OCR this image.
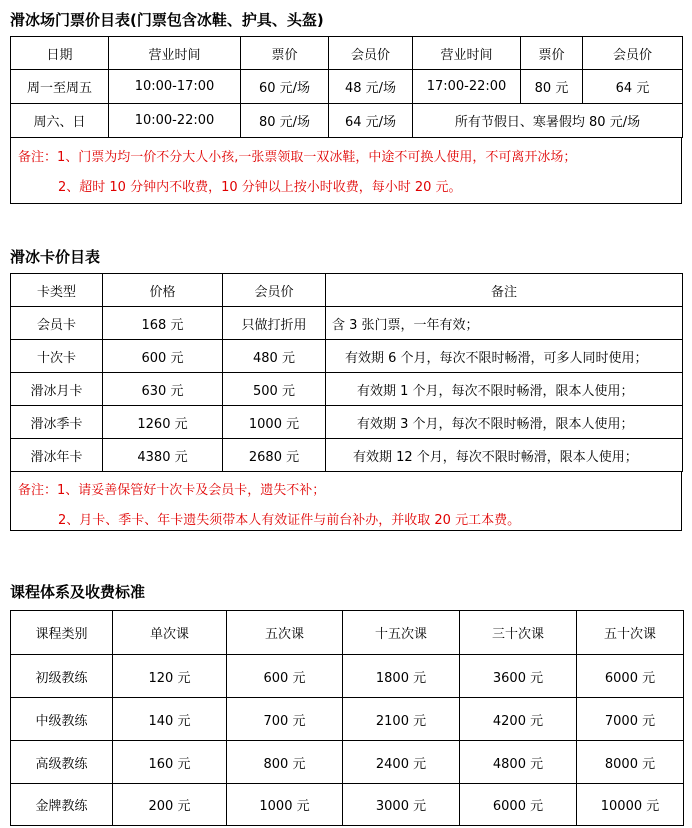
滑冰场门票价目表(门票包含冰鞋、护具、头盔)
日期	营业时间	票价	会员价	营业时间	票价	会员价
周一至周五	10:00-17:00	60 元/场	48 元/场	17:00-22:00	80 元	64 元
周六、日	10:00-22:00	80 元/场	64 元/场	所有节假日、寒暑假均 80 元/场		
备注：1、门票为均一价不分大人小孩,一张票领取一双冰鞋，中途不可换人使用，不可离开冰场；
2、超时 10 分钟内不收费，10 分钟以上按小时收费，每小时 20 元。
滑冰卡价目表
卡类型	价格	会员价	备注
会员卡	168 元	只做打折用	含 3 张门票，一年有效；
十次卡	600 元	480 元	有效期 6 个月，每次不限时畅滑，可多人同时使用；
滑冰月卡	630 元	500 元	有效期 1 个月，每次不限时畅滑，限本人使用；
滑冰季卡	1260 元	1000 元	有效期 3 个月，每次不限时畅滑，限本人使用；
滑冰年卡	4380 元	2680 元	有效期 12 个月，每次不限时畅滑，限本人使用；
备注：1、请妥善保管好十次卡及会员卡，遗失不补；
2、月卡、季卡、年卡遗失须带本人有效证件与前台补办，并收取 20 元工本费。
课程体系及收费标准
课程类别	单次课	五次课	十五次课	三十次课	五十次课
初级教练	120 元	600 元	1800 元	3600 元	6000 元
中级教练	140 元	700 元	2100 元	4200 元	7000 元
高级教练	160 元	800 元	2400 元	4800 元	8000 元
金牌教练	200 元	1000 元	3000 元	6000 元	10000 元
